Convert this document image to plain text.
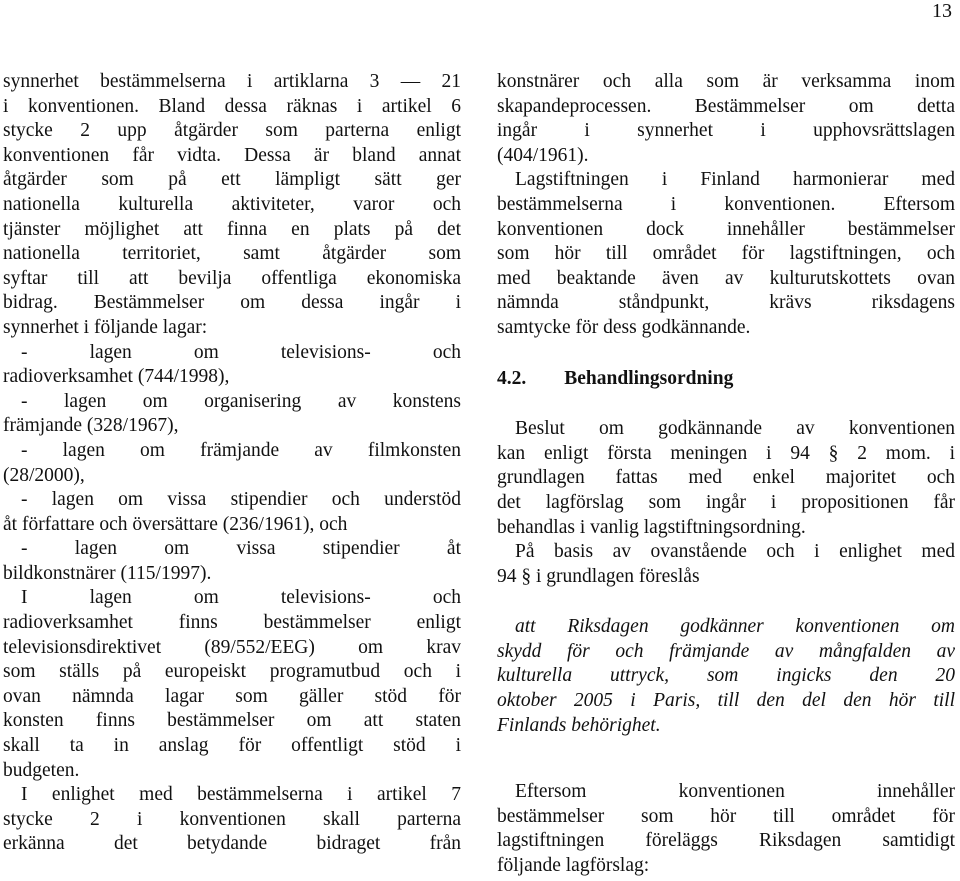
13
synnerhet bestämmelserna i artiklarna 3 — 21
i konventionen. Bland dessa räknas i artikel 6
stycke 2 upp åtgärder som parterna enligt
konventionen får vidta. Dessa är bland annat
åtgärder som på ett lämpligt sätt ger
nationella kulturella aktiviteter, varor och
tjänster möjlighet att finna en plats på det
nationella territoriet, samt åtgärder som
syftar till att bevilja offentliga ekonomiska
bidrag. Bestämmelser om dessa ingår i
synnerhet i följande lagar:
- lagen om televisions- och
radioverksamhet (744/1998),
- lagen om organisering av konstens
främjande (328/1967),
- lagen om främjande av filmkonsten
(28/2000),
- lagen om vissa stipendier och understöd
åt författare och översättare (236/1961), och
- lagen om vissa stipendier åt
bildkonstnärer (115/1997).
I lagen om televisions- och
radioverksamhet finns bestämmelser enligt
televisionsdirektivet (89/552/EEG) om krav
som ställs på europeiskt programutbud och i
ovan nämnda lagar som gäller stöd för
konsten finns bestämmelser om att staten
skall ta in anslag för offentligt stöd i
budgeten.
I enlighet med bestämmelserna i artikel 7
stycke 2 i konventionen skall parterna
erkänna det betydande bidraget från
konstnärer och alla som är verksamma inom
skapandeprocessen. Bestämmelser om detta
ingår i synnerhet i upphovsrättslagen
(404/1961).
Lagstiftningen i Finland harmonierar med
bestämmelserna i konventionen. Eftersom
konventionen dock innehåller bestämmelser
som hör till området för lagstiftningen, och
med beaktande även av kulturutskottets ovan
nämnda ståndpunkt, krävs riksdagens
samtycke för dess godkännande.
4.2. Behandlingsordning
Beslut om godkännande av konventionen
kan enligt första meningen i 94 § 2 mom. i
grundlagen fattas med enkel majoritet och
det lagförslag som ingår i propositionen får
behandlas i vanlig lagstiftningsordning.
På basis av ovanstående och i enlighet med
94 § i grundlagen föreslås
att Riksdagen godkänner konventionen om
skydd för och främjande av mångfalden av
kulturella uttryck, som ingicks den 20
oktober 2005 i Paris, till den del den hör till
Finlands behörighet.
Eftersom konventionen innehåller
bestämmelser som hör till området för
lagstiftningen föreläggs Riksdagen samtidigt
följande lagförslag:
